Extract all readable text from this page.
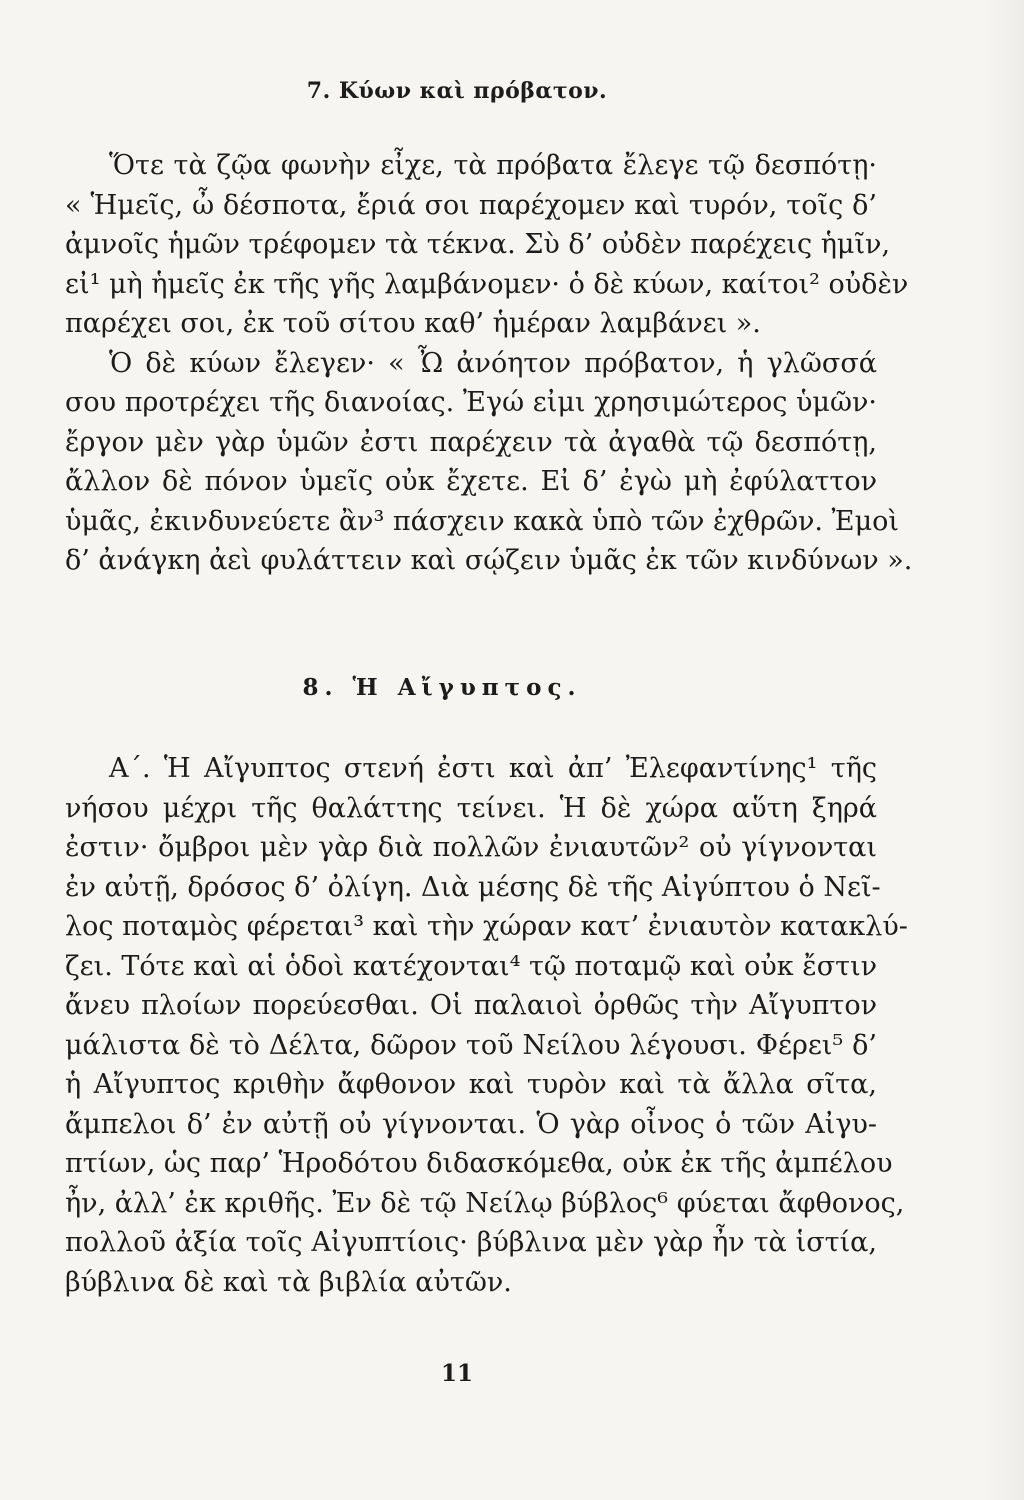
7. Κύων καὶ πρόβατον.
Ὅτε τὰ ζῷα φωνὴν εἶχε, τὰ πρόβατα ἔλεγε τῷ δεσπότῃ·
« Ἡμεῖς, ὦ δέσποτα, ἔριά σοι παρέχομεν καὶ τυρόν, τοῖς δ’
ἀμνοῖς ἡμῶν τρέφομεν τὰ τέκνα. Σὺ δ’ οὐδὲν παρέχεις ἡμῖν,
εἰ¹ μὴ ἡμεῖς ἐκ τῆς γῆς λαμβάνομεν· ὁ δὲ κύων, καίτοι² οὐδὲν
παρέχει σοι, ἐκ τοῦ σίτου καθ’ ἡμέραν λαμβάνει ».
Ὁ δὲ κύων ἔλεγεν· « Ὦ ἀνόητον πρόβατον, ἡ γλῶσσά
σου προτρέχει τῆς διανοίας. Ἐγώ εἰμι χρησιμώτερος ὑμῶν·
ἔργον μὲν γὰρ ὑμῶν ἐστι παρέχειν τὰ ἀγαθὰ τῷ δεσπότῃ,
ἄλλον δὲ πόνον ὑμεῖς οὐκ ἔχετε. Εἰ δ’ ἐγὼ μὴ ἐφύλαττον
ὑμᾶς, ἐκινδυνεύετε ἂν³ πάσχειν κακὰ ὑπὸ τῶν ἐχθρῶν. Ἐμοὶ
δ’ ἀνάγκη ἀεὶ φυλάττειν καὶ σῴζειν ὑμᾶς ἐκ τῶν κινδύνων ».
8. Ἡ Αἴγυπτος.
Α΄. Ἡ Αἴγυπτος στενή ἐστι καὶ ἀπ’ Ἐλεφαντίνης¹ τῆς
νήσου μέχρι τῆς θαλάττης τείνει. Ἡ δὲ χώρα αὕτη ξηρά
ἐστιν· ὄμβροι μὲν γὰρ διὰ πολλῶν ἐνιαυτῶν² οὐ γίγνονται
ἐν αὐτῇ, δρόσος δ’ ὀλίγη. Διὰ μέσης δὲ τῆς Αἰγύπτου ὁ Νεῖ-
λος ποταμὸς φέρεται³ καὶ τὴν χώραν κατ’ ἐνιαυτὸν κατακλύ-
ζει. Τότε καὶ αἱ ὁδοὶ κατέχονται⁴ τῷ ποταμῷ καὶ οὐκ ἔστιν
ἄνευ πλοίων πορεύεσθαι. Οἱ παλαιοὶ ὀρθῶς τὴν Αἴγυπτον
μάλιστα δὲ τὸ Δέλτα, δῶρον τοῦ Νείλου λέγουσι. Φέρει⁵ δ’
ἡ Αἴγυπτος κριθὴν ἄφθονον καὶ τυρὸν καὶ τὰ ἄλλα σῖτα,
ἄμπελοι δ’ ἐν αὐτῇ οὐ γίγνονται. Ὁ γὰρ οἶνος ὁ τῶν Αἰγυ-
πτίων, ὡς παρ’ Ἡροδότου διδασκόμεθα, οὐκ ἐκ τῆς ἀμπέλου
ἦν, ἀλλ’ ἐκ κριθῆς. Ἐν δὲ τῷ Νείλῳ βύβλος⁶ φύεται ἄφθονος,
πολλοῦ ἀξία τοῖς Αἰγυπτίοις· βύβλινα μὲν γὰρ ἦν τὰ ἱστία,
βύβλινα δὲ καὶ τὰ βιβλία αὐτῶν.
11
